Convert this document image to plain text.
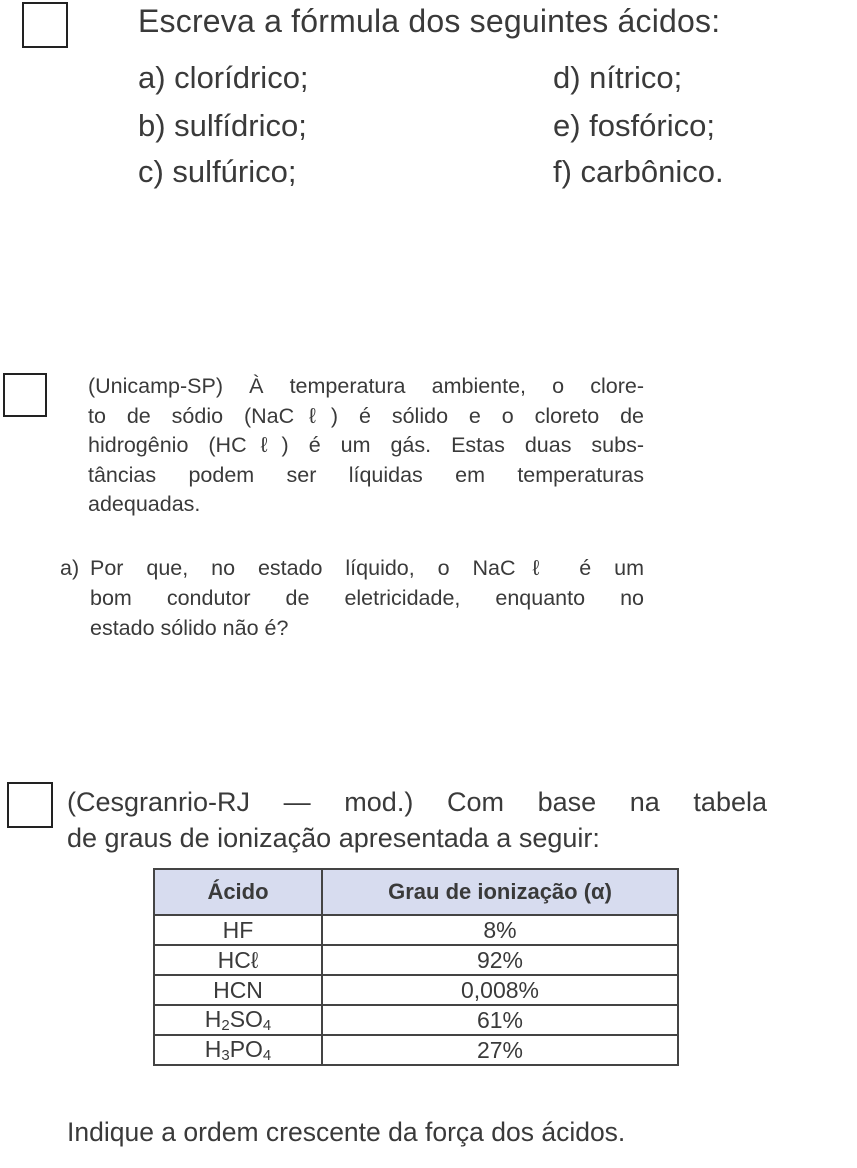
Escreva a fórmula dos seguintes ácidos:
a) clorídrico;
b) sulfídrico;
c) sulfúrico;
d) nítrico;
e) fosfórico;
f) carbônico.
(Unicamp-SP) À temperatura ambiente, o clore-
to de sódio (NaCℓ) é sólido e o cloreto de
hidrogênio (HCℓ) é um gás. Estas duas subs-
tâncias podem ser líquidas em temperaturas
adequadas.
a) Por que, no estado líquido, o NaCℓ é um
bom condutor de eletricidade, enquanto no
estado sólido não é?
(Cesgranrio-RJ — mod.) Com base na tabela
de graus de ionização apresentada a seguir:
Ácido	Grau de ionização (α)
HF	8%
HCℓ	92%
HCN	0,008%
$H_2SO_4$	61%
$H_3PO_4$	27%
Indique a ordem crescente da força dos ácidos.
